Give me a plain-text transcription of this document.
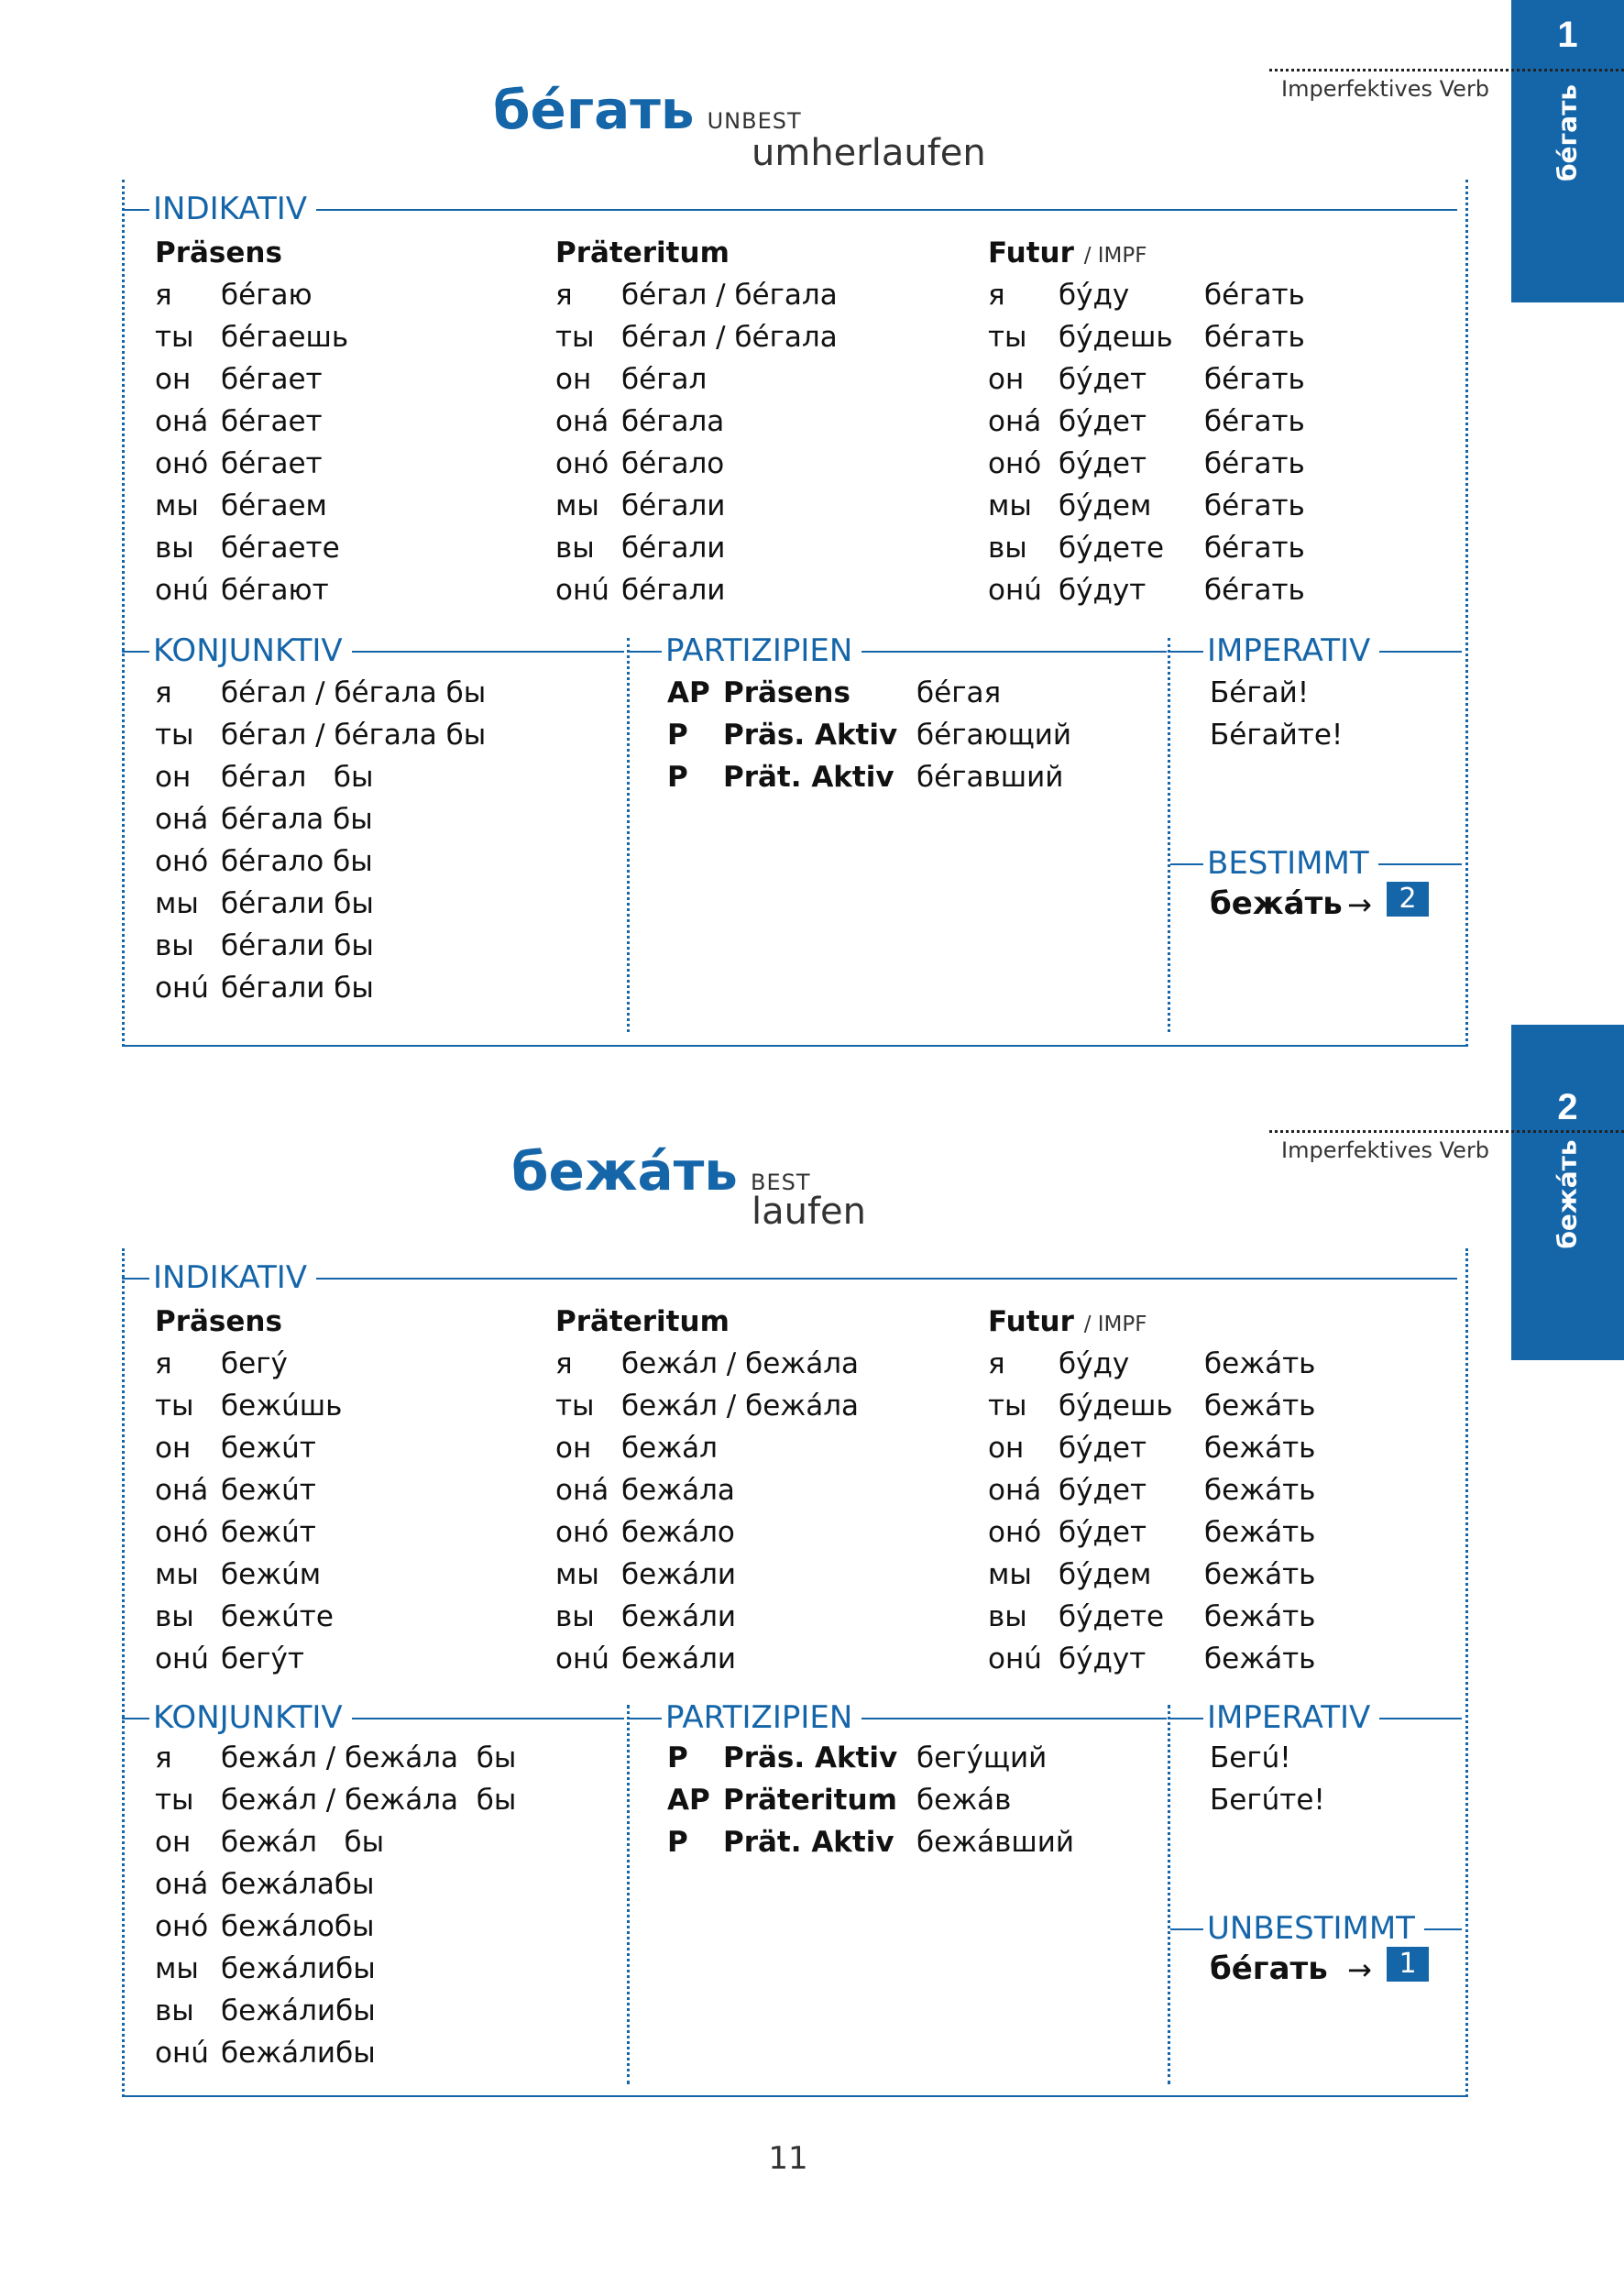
1
бéгать
2
бежáть
Imperfektives Verb
бéгать UNBEST
umherlaufen
INDIKATIV
Präsens	Präteritum	Futur / IMPF
я бéгаю	я бéгал / бéгала	я бýду	бéгать
ты бéгаешь	ты бéгал / бéгала	ты бýдешь бéгать
он бéгает	он бéгал	он бýдет бéгать
онá бéгает	онá бéгала	онá бýдет бéгать
онó бéгает	онó бéгало	онó бýдет бéгать
мы бéгаем	мы бéгали	мы бýдем бéгать
вы бéгаете	вы бéгали	вы бýдете бéгать
онú бéгают	онú бéгали	онú бýдут бéгать
KONJUNKTIV
я бéгал / бéгала бы
ты бéгал / бéгала бы
он бéгал   бы
онá бéгала бы
онó бéгало бы
мы бéгали бы
вы бéгали бы
онú бéгали бы
PARTIZIPIEN
AP Präsens бéгая
P Präs. Aktiv бéгающий
P Prät. Aktiv бéгавший
IMPERATIV
Бéгай!
Бéгайте!
BESTIMMT
бежáть → 2
Imperfektives Verb
бежáть BEST
laufen
INDIKATIV
Präsens	Präteritum	Futur / IMPF
я бегý	я бежáл / бежáла	я бýду	бежáть
ты бежúшь	ты бежáл / бежáла	ты бýдешь бежáть
он бежúт	он бежáл	он бýдет бежáть
онá бежúт	онá бежáла	онá бýдет бежáть
онó бежúт	онó бежáло	онó бýдет бежáть
мы бежúм	мы бежáли	мы бýдем бежáть
вы бежúте	вы бежáли	вы бýдете бежáть
онú бегýт	онú бежáли	онú бýдут бежáть
KONJUNKTIV
я бежáл / бежáла  бы
ты бежáл / бежáла  бы
он бежáл   бы
онá бежáлабы
онó бежáлобы
мы бежáлибы
вы бежáлибы
онú бежáлибы
PARTIZIPIEN
P Präs. Aktiv бегýщий
AP Präteritum бежáв
P Prät. Aktiv бежáвший
IMPERATIV
Бегú!
Бегúте!
UNBESTIMMT
бéгать → 1
11
